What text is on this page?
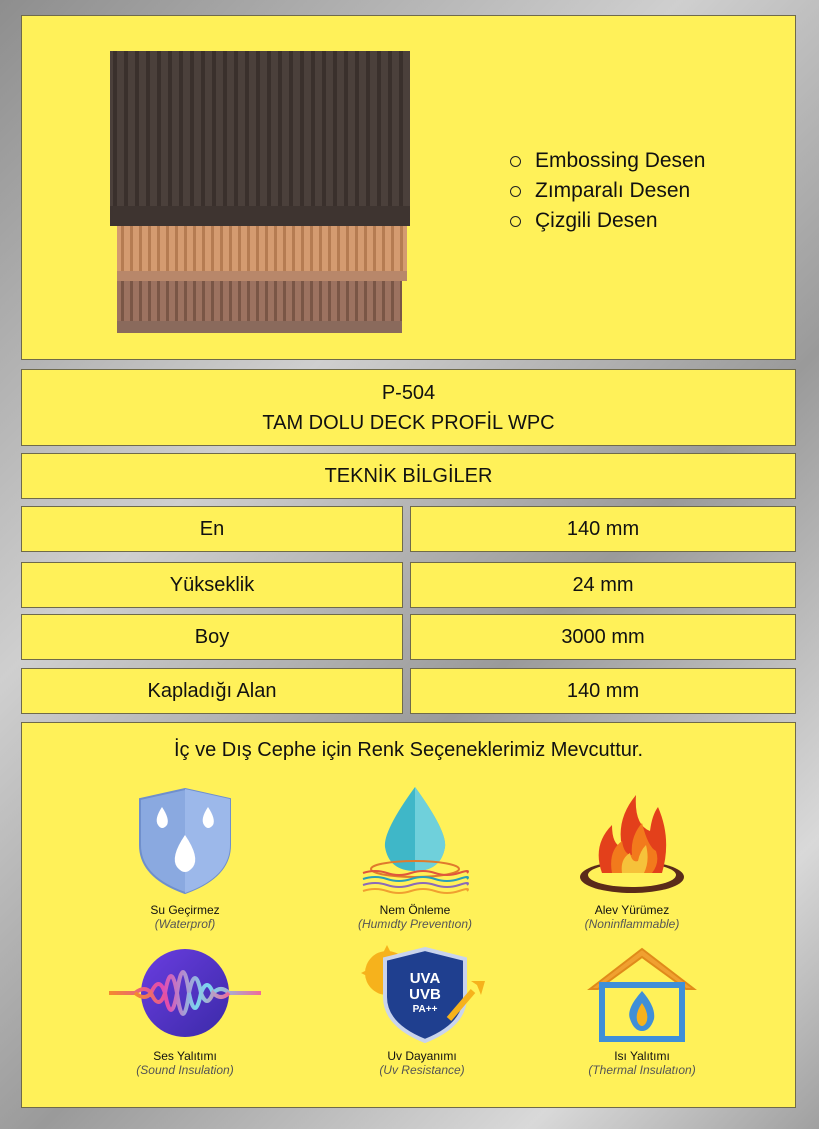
Embossing Desen
Zımparalı Desen
Çizgili Desen
P-504
TAM DOLU DECK PROFİL WPC
TEKNİK BİLGİLER
En	140 mm
Yükseklik	24 mm
Boy	3000 mm
Kapladığı Alan	140 mm
İç ve Dış Cephe için Renk Seçeneklerimiz Mevcuttur.
Su Geçirmez
(Waterprof)
Nem Önleme
(Humıdty Preventıon)
Alev Yürümez
(Noninflammable)
Ses Yalıtımı
(Sound Insulation)
UVA
UVB
PA++
Uv Dayanımı
(Uv Resistance)
Isı Yalıtımı
(Thermal Insulatıon)
